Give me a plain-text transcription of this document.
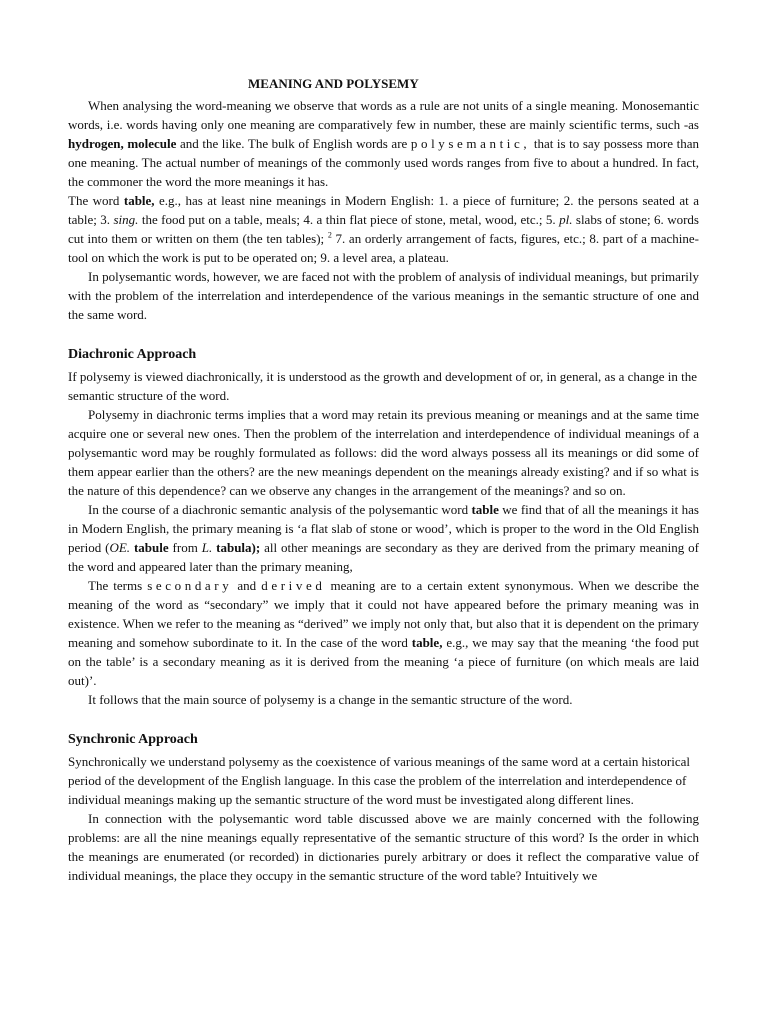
MEANING AND POLYSEMY

When analysing the word-meaning we observe that words as a rule are not units of a single meaning. Monosemantic words, i.e. words having only one meaning are comparatively few in number, these are mainly scientific terms, such -as hydrogen, molecule and the like. The bulk of English words are polysemantic, that is to say possess more than one meaning. The actual number of meanings of the commonly used words ranges from five to about a hundred. In fact, the commoner the word the more meanings it has.

The word table, e.g., has at least nine meanings in Modern English: 1. a piece of furniture; 2. the persons seated at a table; 3. sing. the food put on a table, meals; 4. a thin flat piece of stone, metal, wood, etc.; 5. pl. slabs of stone; 6. words cut into them or written on them (the ten tables); $^2$ 7. an orderly arrangement of facts, figures, etc.; 8. part of a machine-tool on which the work is put to be operated on; 9. a level area, a plateau.

In polysemantic words, however, we are faced not with the problem of analysis of individual meanings, but primarily with the problem of the interrelation and interdependence of the various meanings in the semantic structure of one and the same word.

Diachronic Approach

If polysemy is viewed diachronically, it is understood as the growth and development of or, in general, as a change in the semantic structure of the word.

Polysemy in diachronic terms implies that a word may retain its previous meaning or meanings and at the same time acquire one or several new ones. Then the problem of the interrelation and interdependence of individual meanings of a polysemantic word may be roughly formulated as follows: did the word always possess all its meanings or did some of them appear earlier than the others? are the new meanings dependent on the meanings already existing? and if so what is the nature of this dependence? can we observe any changes in the arrangement of the meanings? and so on.

In the course of a diachronic semantic analysis of the polysemantic word table we find that of all the meanings it has in Modern English, the primary meaning is ‘a flat slab of stone or wood’, which is proper to the word in the Old English period (OE. tabule from L. tabula); all other meanings are secondary as they are derived from the primary meaning of the word and appeared later than the primary meaning,

The terms secondary and derived meaning are to a certain extent synonymous. When we describe the meaning of the word as “secondary” we imply that it could not have appeared before the primary meaning was in existence. When we refer to the meaning as “derived” we imply not only that, but also that it is dependent on the primary meaning and somehow subordinate to it. In the case of the word table, e.g., we may say that the meaning ‘the food put on the table’ is a secondary meaning as it is derived from the meaning ‘a piece of furniture (on which meals are laid out)’.

It follows that the main source of polysemy is a change in the semantic structure of the word.

Synchronic Approach

Synchronically we understand polysemy as the coexistence of various meanings of the same word at a certain historical period of the development of the English language. In this case the problem of the interrelation and interdependence of individual meanings making up the semantic structure of the word must be investigated along different lines.

In connection with the polysemantic word table discussed above we are mainly concerned with the following problems: are all the nine meanings equally representative of the semantic structure of this word? Is the order in which the meanings are enumerated (or recorded) in dictionaries purely arbitrary or does it reflect the comparative value of individual meanings, the place they occupy in the semantic structure of the word table? Intuitively we
